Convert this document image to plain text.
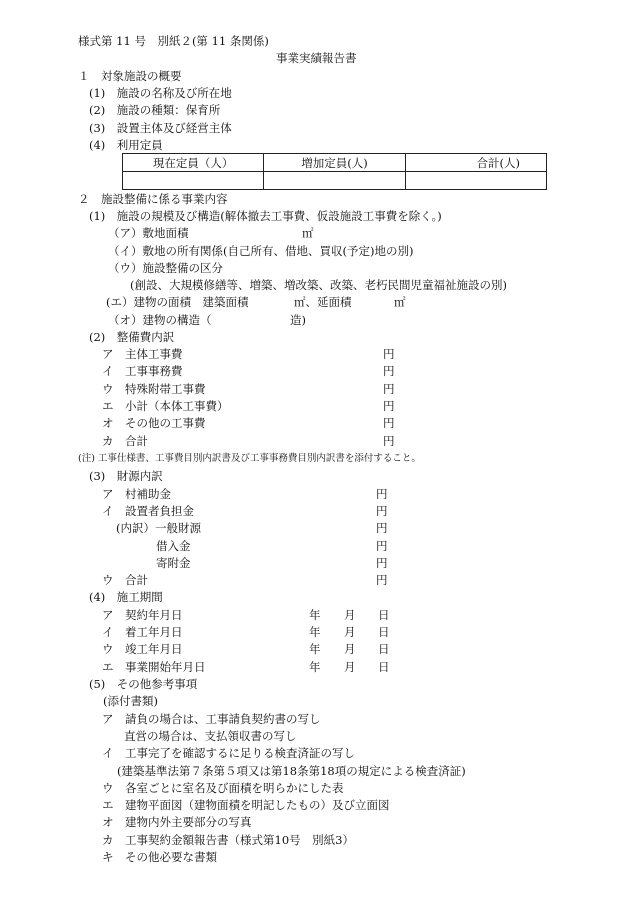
様式第 11 号　別紙２(第 11 条関係)
事業実績報告書
１　対象施設の概要
(1)　施設の名称及び所在地
(2)　施設の種類：保育所
(3)　設置主体及び経営主体
(4)　利用定員
現在定員（人）	増加定員(人)	合計(人)

２　施設整備に係る事業内容
(1)　施設の規模及び構造(解体撤去工事費、仮設施設工事費を除く。)
（ア）敷地面積	㎡
（イ）敷地の所有関係(自己所有、借地、買収(予定)地の別)
（ウ）施設整備の区分
(創設、大規模修繕等、増築、増改築、改築、老朽民間児童福祉施設の別)
(エ）建物の面積　建築面積	㎡、延面積	㎡
（オ）建物の構造（	造)
(2)　整備費内訳
ア　主体工事費	円
イ　工事事務費	円
ウ　特殊附帯工事費	円
エ　小計（本体工事費）	円
オ　その他の工事費	円
カ　合計	円
(注) 工事仕様書、工事費目別内訳書及び工事事務費目別内訳書を添付すること。
(3)　財源内訳
ア　村補助金	円
イ　設置者負担金	円
(内訳）一般財源	円
借入金	円
寄附金	円
ウ　合計	円
(4)　施工期間
ア　契約年月日	年 月 日
イ　着工年月日	年 月 日
ウ　竣工年月日	年 月 日
エ　事業開始年月日	年 月 日
(5)　その他参考事項
(添付書類)
ア　請負の場合は、工事請負契約書の写し
直営の場合は、支払領収書の写し
イ　工事完了を確認するに足りる検査済証の写し
(建築基準法第７条第５項又は第18条第18項の規定による検査済証)
ウ　各室ごとに室名及び面積を明らかにした表
エ　建物平面図（建物面積を明記したもの）及び立面図
オ　建物内外主要部分の写真
カ　工事契約金額報告書（様式第10号　別紙3）
キ　その他必要な書類
